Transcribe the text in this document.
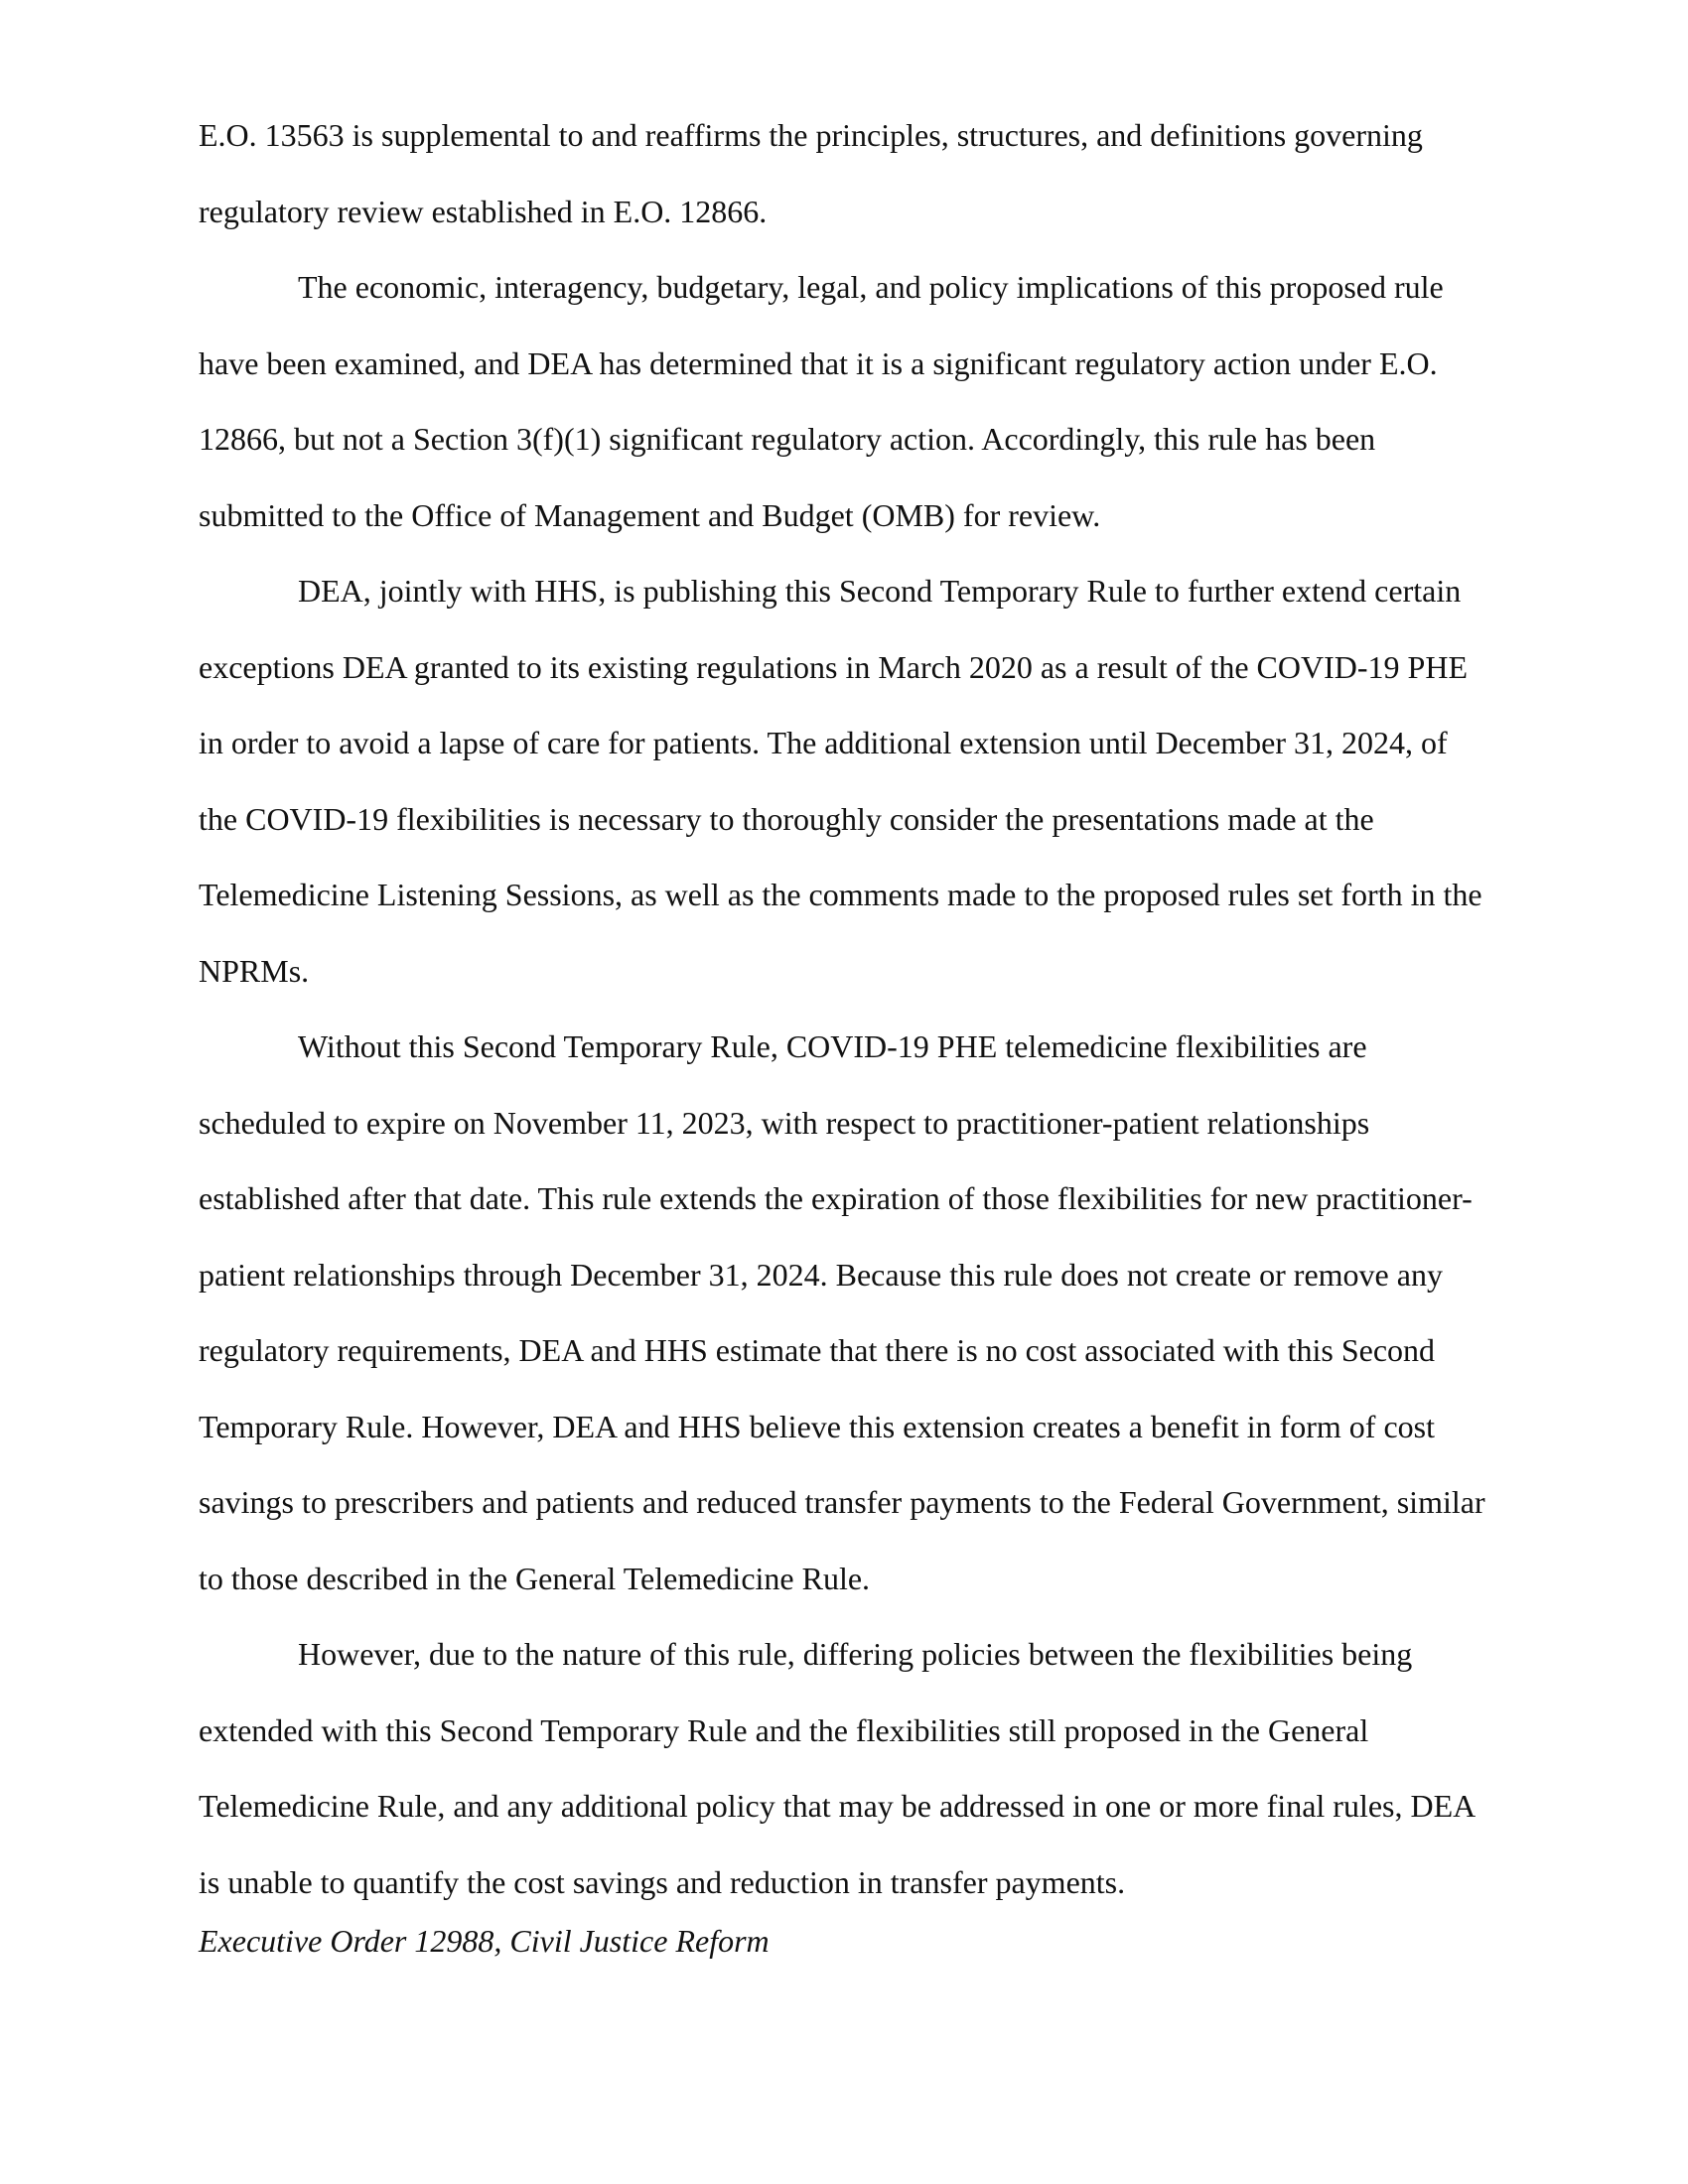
E.O. 13563 is supplemental to and reaffirms the principles, structures, and definitions governing regulatory review established in E.O. 12866.

The economic, interagency, budgetary, legal, and policy implications of this proposed rule have been examined, and DEA has determined that it is a significant regulatory action under E.O. 12866, but not a Section 3(f)(1) significant regulatory action. Accordingly, this rule has been submitted to the Office of Management and Budget (OMB) for review.

DEA, jointly with HHS, is publishing this Second Temporary Rule to further extend certain exceptions DEA granted to its existing regulations in March 2020 as a result of the COVID-19 PHE in order to avoid a lapse of care for patients. The additional extension until December 31, 2024, of the COVID-19 flexibilities is necessary to thoroughly consider the presentations made at the Telemedicine Listening Sessions, as well as the comments made to the proposed rules set forth in the NPRMs.

Without this Second Temporary Rule, COVID-19 PHE telemedicine flexibilities are scheduled to expire on November 11, 2023, with respect to practitioner-patient relationships established after that date. This rule extends the expiration of those flexibilities for new practitioner-patient relationships through December 31, 2024. Because this rule does not create or remove any regulatory requirements, DEA and HHS estimate that there is no cost associated with this Second Temporary Rule. However, DEA and HHS believe this extension creates a benefit in form of cost savings to prescribers and patients and reduced transfer payments to the Federal Government, similar to those described in the General Telemedicine Rule.

However, due to the nature of this rule, differing policies between the flexibilities being extended with this Second Temporary Rule and the flexibilities still proposed in the General Telemedicine Rule, and any additional policy that may be addressed in one or more final rules, DEA is unable to quantify the cost savings and reduction in transfer payments.

Executive Order 12988, Civil Justice Reform
